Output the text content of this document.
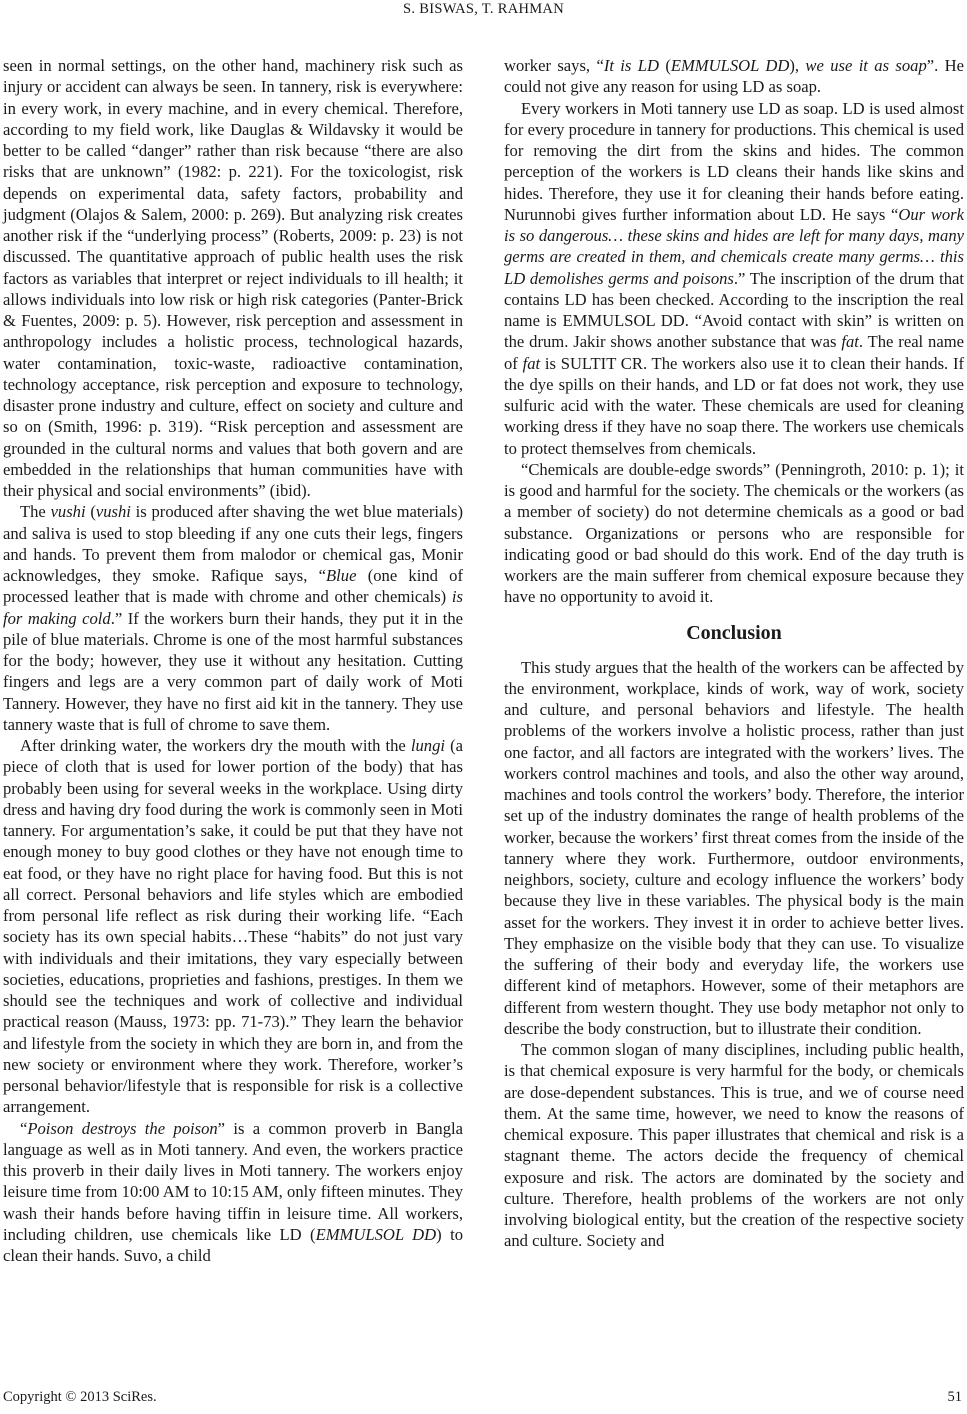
S. BISWAS, T. RAHMAN

seen in normal settings, on the other hand, machinery risk such as injury or accident can always be seen. In tannery, risk is everywhere: in every work, in every machine, and in every chemical. Therefore, according to my field work, like Dauglas & Wildavsky it would be better to be called “danger” rather than risk because “there are also risks that are unknown” (1982: p. 221). For the toxicologist, risk depends on experimental data, safety factors, probability and judgment (Olajos & Salem, 2000: p. 269). But analyzing risk creates another risk if the “underlying process” (Roberts, 2009: p. 23) is not discussed. The quantitative approach of public health uses the risk factors as variables that interpret or reject individuals to ill health; it allows individuals into low risk or high risk categories (Panter-Brick & Fuentes, 2009: p. 5). However, risk perception and assessment in anthropology includes a holistic process, technological hazards, water contamination, toxic-waste, radioactive contamination, technology acceptance, risk perception and exposure to technology, disaster prone industry and culture, effect on society and culture and so on (Smith, 1996: p. 319). “Risk perception and assessment are grounded in the cultural norms and values that both govern and are embedded in the relationships that human communities have with their physical and social environments” (ibid).

The vushi (vushi is produced after shaving the wet blue materials) and saliva is used to stop bleeding if any one cuts their legs, fingers and hands. To prevent them from malodor or chemical gas, Monir acknowledges, they smoke. Rafique says, “Blue (one kind of processed leather that is made with chrome and other chemicals) is for making cold.” If the workers burn their hands, they put it in the pile of blue materials. Chrome is one of the most harmful substances for the body; however, they use it without any hesitation. Cutting fingers and legs are a very common part of daily work of Moti Tannery. However, they have no first aid kit in the tannery. They use tannery waste that is full of chrome to save them.

After drinking water, the workers dry the mouth with the lungi (a piece of cloth that is used for lower portion of the body) that has probably been using for several weeks in the workplace. Using dirty dress and having dry food during the work is commonly seen in Moti tannery. For argumentation’s sake, it could be put that they have not enough money to buy good clothes or they have not enough time to eat food, or they have no right place for having food. But this is not all correct. Personal behaviors and life styles which are embodied from personal life reflect as risk during their working life. “Each society has its own special habits…These “habits” do not just vary with individuals and their imitations, they vary especially between societies, educations, proprieties and fashions, prestiges. In them we should see the techniques and work of collective and individual practical reason (Mauss, 1973: pp. 71-73).” They learn the behavior and lifestyle from the society in which they are born in, and from the new society or environment where they work. Therefore, worker’s personal behavior/lifestyle that is responsible for risk is a collective arrangement.

“Poison destroys the poison” is a common proverb in Bangla language as well as in Moti tannery. And even, the workers practice this proverb in their daily lives in Moti tannery. The workers enjoy leisure time from 10:00 AM to 10:15 AM, only fifteen minutes. They wash their hands before having tiffin in leisure time. All workers, including children, use chemicals like LD (EMMULSOL DD) to clean their hands. Suvo, a child

worker says, “It is LD (EMMULSOL DD), we use it as soap”. He could not give any reason for using LD as soap.

Every workers in Moti tannery use LD as soap. LD is used almost for every procedure in tannery for productions. This chemical is used for removing the dirt from the skins and hides. The common perception of the workers is LD cleans their hands like skins and hides. Therefore, they use it for cleaning their hands before eating. Nurunnobi gives further information about LD. He says “Our work is so dangerous… these skins and hides are left for many days, many germs are created in them, and chemicals create many germs… this LD demolishes germs and poisons.” The inscription of the drum that contains LD has been checked. According to the inscription the real name is EMMULSOL DD. “Avoid contact with skin” is written on the drum. Jakir shows another substance that was fat. The real name of fat is SULTIT CR. The workers also use it to clean their hands. If the dye spills on their hands, and LD or fat does not work, they use sulfuric acid with the water. These chemicals are used for cleaning working dress if they have no soap there. The workers use chemicals to protect themselves from chemicals.

“Chemicals are double-edge swords” (Penningroth, 2010: p. 1); it is good and harmful for the society. The chemicals or the workers (as a member of society) do not determine chemicals as a good or bad substance. Organizations or persons who are responsible for indicating good or bad should do this work. End of the day truth is workers are the main sufferer from chemical exposure because they have no opportunity to avoid it.

Conclusion

This study argues that the health of the workers can be affected by the environment, workplace, kinds of work, way of work, society and culture, and personal behaviors and lifestyle. The health problems of the workers involve a holistic process, rather than just one factor, and all factors are integrated with the workers’ lives. The workers control machines and tools, and also the other way around, machines and tools control the workers’ body. Therefore, the interior set up of the industry dominates the range of health problems of the worker, because the workers’ first threat comes from the inside of the tannery where they work. Furthermore, outdoor environments, neighbors, society, culture and ecology influence the workers’ body because they live in these variables. The physical body is the main asset for the workers. They invest it in order to achieve better lives. They emphasize on the visible body that they can use. To visualize the suffering of their body and everyday life, the workers use different kind of metaphors. However, some of their metaphors are different from western thought. They use body metaphor not only to describe the body construction, but to illustrate their condition.

The common slogan of many disciplines, including public health, is that chemical exposure is very harmful for the body, or chemicals are dose-dependent substances. This is true, and we of course need them. At the same time, however, we need to know the reasons of chemical exposure. This paper illustrates that chemical and risk is a stagnant theme. The actors decide the frequency of chemical exposure and risk. The actors are dominated by the society and culture. Therefore, health problems of the workers are not only involving biological entity, but the creation of the respective society and culture. Society and

Copyright © 2013 SciRes.	51
